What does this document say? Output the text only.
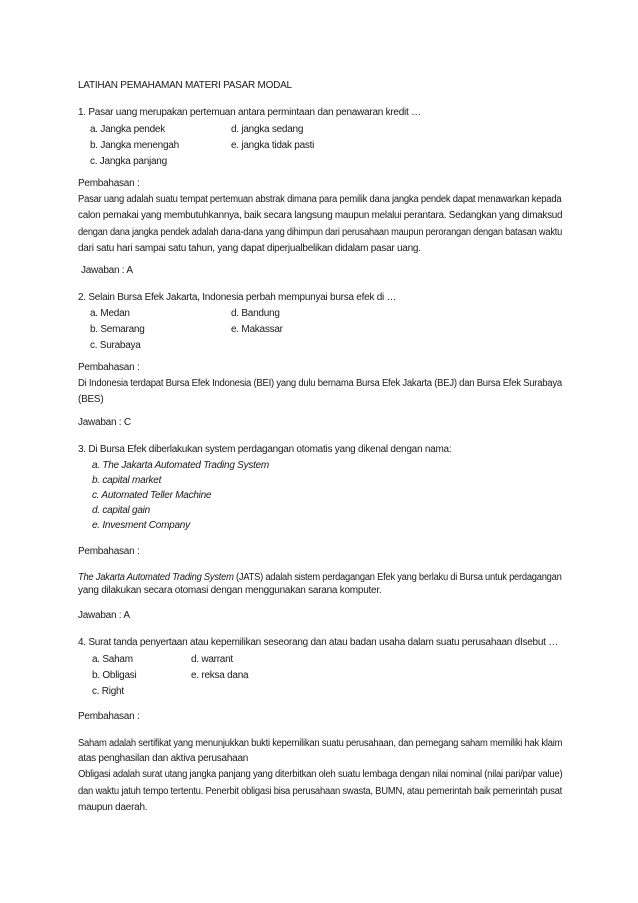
LATIHAN PEMAHAMAN MATERI PASAR MODAL
1. Pasar uang merupakan pertemuan antara permintaan dan penawaran kredit …
a. Jangka pendek	d. jangka sedang
b. Jangka menengah	e. jangka tidak pasti
c. Jangka panjang
Pembahasan :
Pasar uang adalah suatu tempat pertemuan abstrak dimana para pemilik dana jangka pendek dapat menawarkan kepada
calon pemakai yang membutuhkannya, baik secara langsung maupun melalui perantara. Sedangkan yang dimaksud
dengan dana jangka pendek adalah dana-dana yang dihimpun dari perusahaan maupun perorangan dengan batasan waktu
dari satu hari sampai satu tahun, yang dapat diperjualbelikan didalam pasar uang.
Jawaban : A
2. Selain Bursa Efek Jakarta, Indonesia perbah mempunyai bursa efek di …
a. Medan	d. Bandung
b. Semarang	e. Makassar
c. Surabaya
Pembahasan :
Di Indonesia terdapat Bursa Efek Indonesia (BEI) yang dulu bernama Bursa Efek Jakarta (BEJ) dan Bursa Efek Surabaya
(BES)
Jawaban : C
3. Di Bursa Efek diberlakukan system perdagangan otomatis yang dikenal dengan nama:
a. The Jakarta Automated Trading System
b. capital market
c. Automated Teller Machine
d. capital gain
e. Invesment Company
Pembahasan :
The Jakarta Automated Trading System (JATS) adalah sistem perdagangan Efek yang berlaku di Bursa untuk perdagangan
yang dilakukan secara otomasi dengan menggunakan sarana komputer.
Jawaban : A
4. Surat tanda penyertaan atau kepemilikan seseorang dan atau badan usaha dalam suatu perusahaan dIsebut …
a. Saham	d. warrant
b. Obligasi	e. reksa dana
c. Right
Pembahasan :
Saham adalah sertifikat yang menunjukkan bukti kepemilikan suatu perusahaan, dan pemegang saham memiliki hak klaim
atas penghasilan dan aktiva perusahaan
Obligasi adalah surat utang jangka panjang yang diterbitkan oleh suatu lembaga dengan nilai nominal (nilai pari/par value)
dan waktu jatuh tempo tertentu. Penerbit obligasi bisa perusahaan swasta, BUMN, atau pemerintah baik pemerintah pusat
maupun daerah.
